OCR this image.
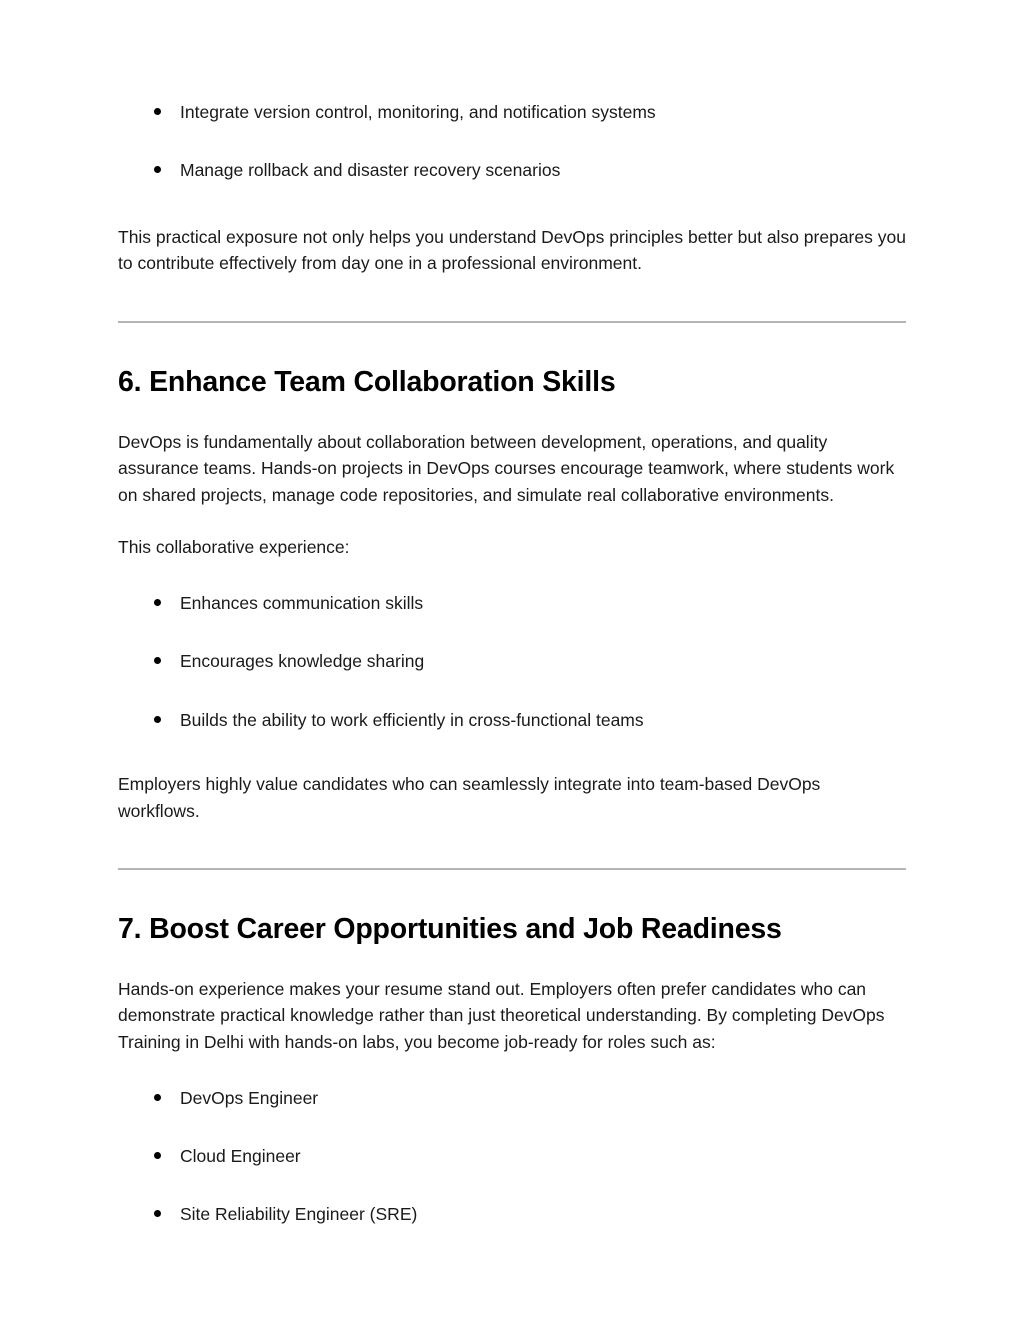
Integrate version control, monitoring, and notification systems
Manage rollback and disaster recovery scenarios

This practical exposure not only helps you understand DevOps principles better but also prepares you to contribute effectively from day one in a professional environment.

6. Enhance Team Collaboration Skills

DevOps is fundamentally about collaboration between development, operations, and quality assurance teams. Hands-on projects in DevOps courses encourage teamwork, where students work on shared projects, manage code repositories, and simulate real collaborative environments.

This collaborative experience:

Enhances communication skills
Encourages knowledge sharing
Builds the ability to work efficiently in cross-functional teams

Employers highly value candidates who can seamlessly integrate into team-based DevOps workflows.

7. Boost Career Opportunities and Job Readiness

Hands-on experience makes your resume stand out. Employers often prefer candidates who can demonstrate practical knowledge rather than just theoretical understanding. By completing DevOps Training in Delhi with hands-on labs, you become job-ready for roles such as:

DevOps Engineer
Cloud Engineer
Site Reliability Engineer (SRE)
